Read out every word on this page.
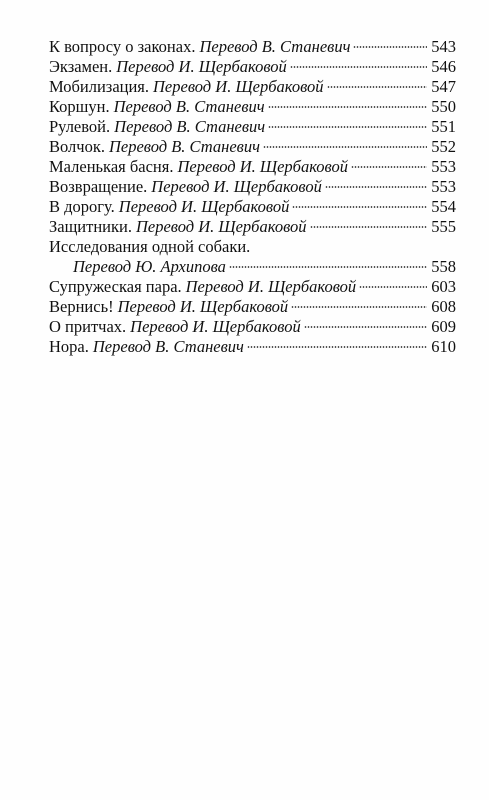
К вопросу о законах. Перевод В. Станевич	543
Экзамен. Перевод И. Щербаковой	546
Мобилизация. Перевод И. Щербаковой	547
Коршун. Перевод В. Станевич	550
Рулевой. Перевод В. Станевич	551
Волчок. Перевод В. Станевич	552
Маленькая басня. Перевод И. Щербаковой	553
Возвращение. Перевод И. Щербаковой	553
В дорогу. Перевод И. Щербаковой	554
Защитники. Перевод И. Щербаковой	555
Исследования одной собаки.
Перевод Ю. Архипова	558
Супружеская пара. Перевод И. Щербаковой	603
Вернись! Перевод И. Щербаковой	608
О притчах. Перевод И. Щербаковой	609
Нора. Перевод В. Станевич	610
